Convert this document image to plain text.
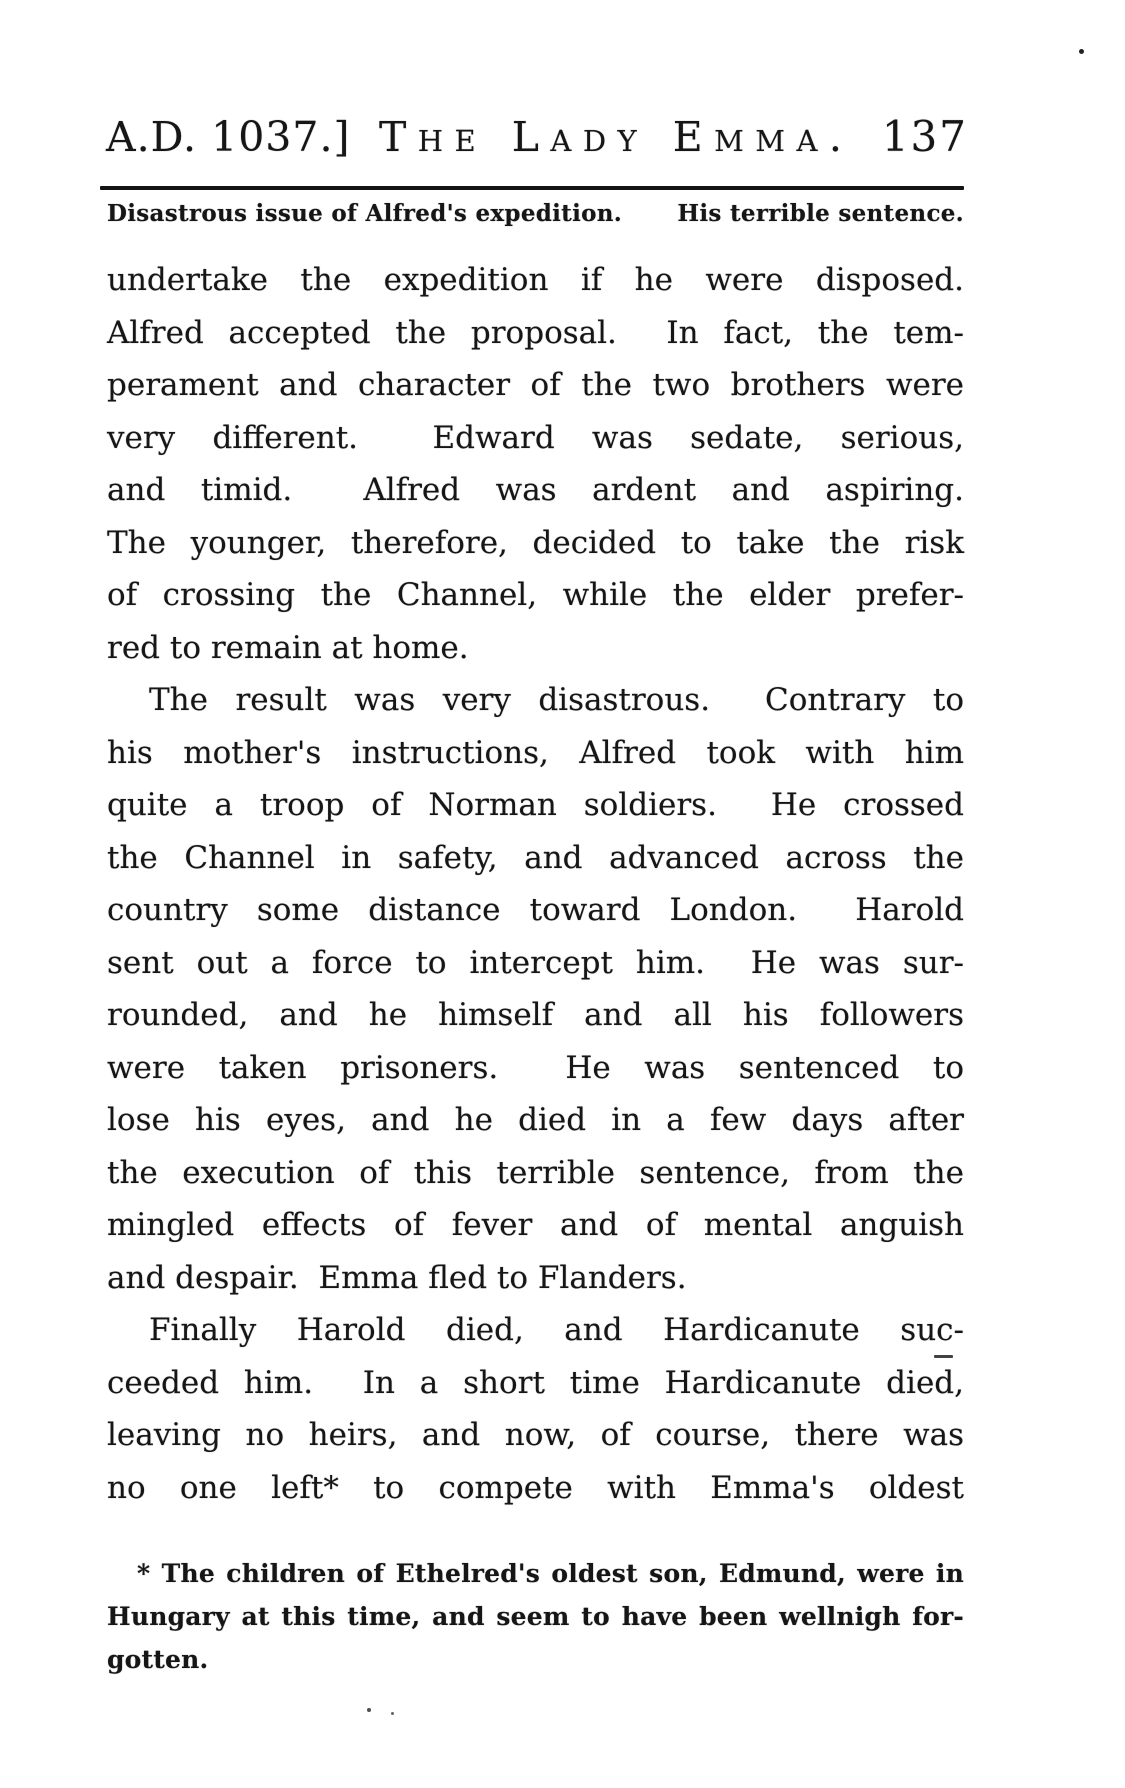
A.D. 1037.] The Lady Emma. 137
Disastrous issue of Alfred's expedition. His terrible sentence.
undertake the expedition if he were disposed.
Alfred accepted the proposal.  In fact, the tem-
perament and character of the two brothers were
very different.  Edward was sedate, serious,
and timid.  Alfred was ardent and aspiring.
The younger, therefore, decided to take the risk
of crossing the Channel, while the elder prefer-
red to remain at home.
The result was very disastrous.  Contrary to
his mother's instructions, Alfred took with him
quite a troop of Norman soldiers.  He crossed
the Channel in safety, and advanced across the
country some distance toward London.  Harold
sent out a force to intercept him.  He was sur-
rounded, and he himself and all his followers
were taken prisoners.  He was sentenced to
lose his eyes, and he died in a few days after
the execution of this terrible sentence, from the
mingled effects of fever and of mental anguish
and despair.  Emma fled to Flanders.
Finally Harold died, and Hardicanute suc-
ceeded him.  In a short time Hardicanute died,
leaving no heirs, and now, of course, there was
no one left* to compete with Emma's oldest
* The children of Ethelred's oldest son, Edmund, were in
Hungary at this time, and seem to have been wellnigh for-
gotten.
